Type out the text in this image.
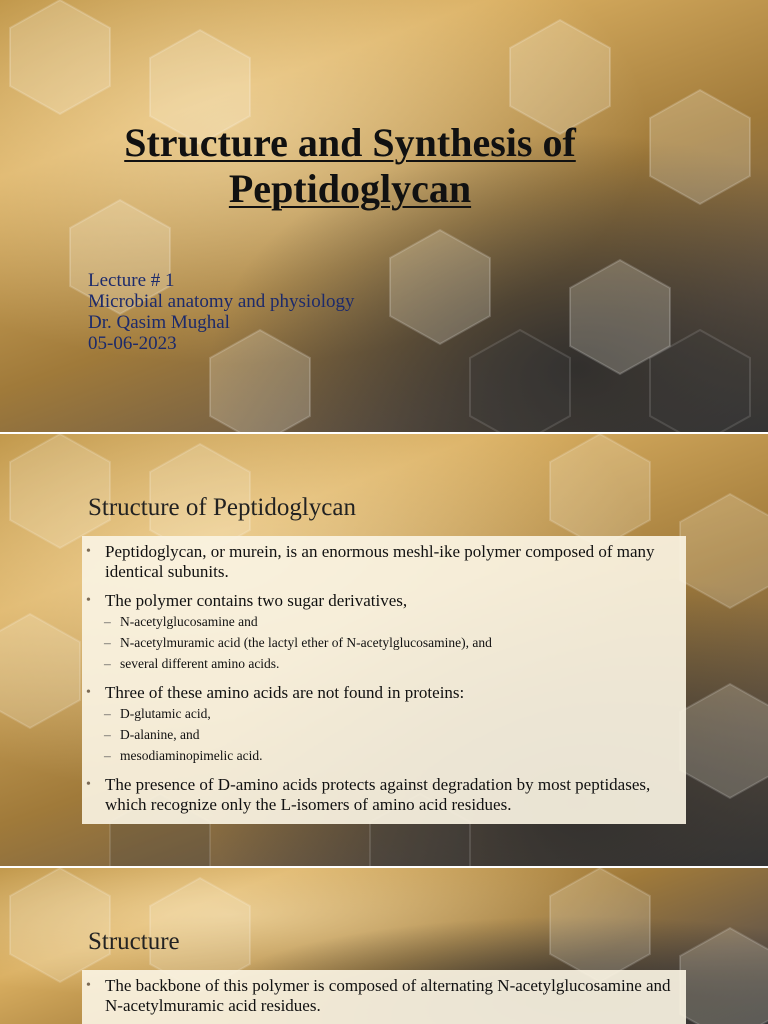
Structure and Synthesis of
Peptidoglycan
Lecture # 1
Microbial anatomy and physiology
Dr. Qasim Mughal
05-06-2023
Structure of Peptidoglycan
• Peptidoglycan, or murein, is an enormous meshl-ike polymer composed of many identical subunits.
• The polymer contains two sugar derivatives,
– N-acetylglucosamine and
– N-acetylmuramic acid (the lactyl ether of N-acetylglucosamine), and
– several different amino acids.
• Three of these amino acids are not found in proteins:
– D-glutamic acid,
– D-alanine, and
– mesodiaminopimelic acid.
• The presence of D-amino acids protects against degradation by most peptidases, which recognize only the L-isomers of amino acid residues.
Structure
• The backbone of this polymer is composed of alternating N-acetylglucosamine and N-acetylmuramic acid residues.
